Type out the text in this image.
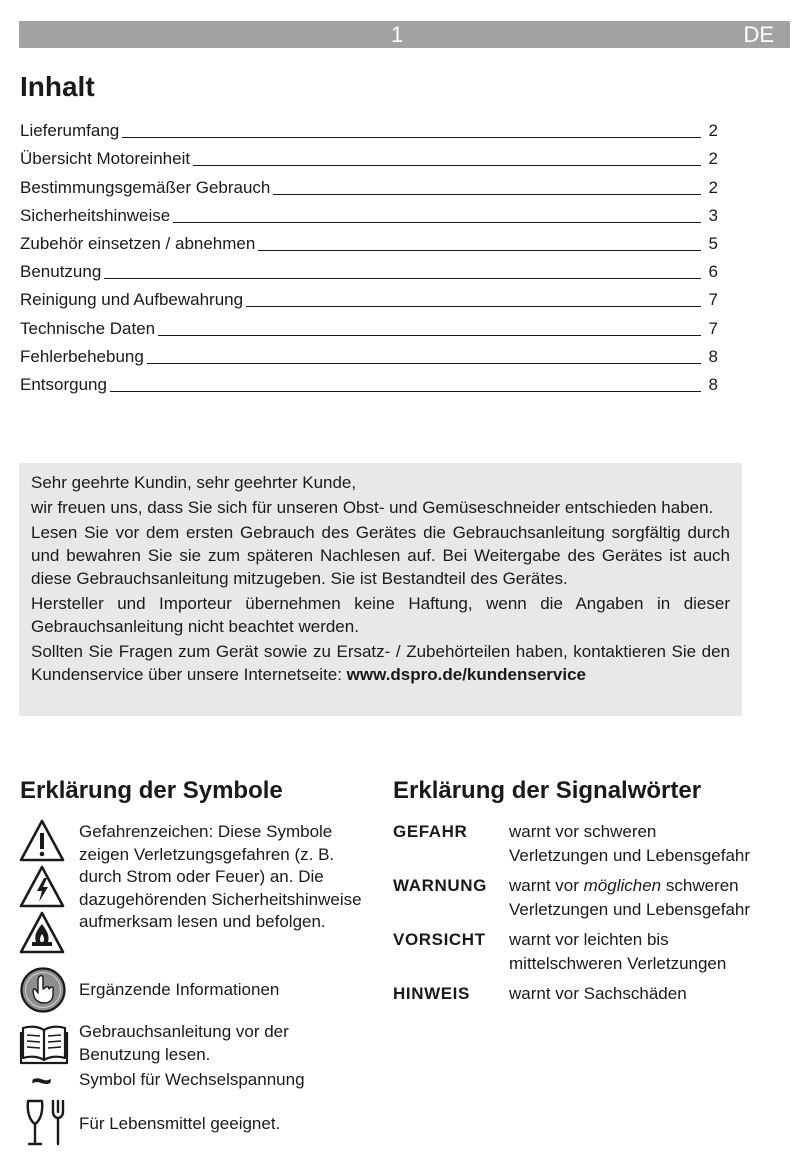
1	DE
Inhalt
Lieferumfang	2
Übersicht Motoreinheit	2
Bestimmungsgemäßer Gebrauch	2
Sicherheitshinweise	3
Zubehör einsetzen / abnehmen	5
Benutzung	6
Reinigung und Aufbewahrung	7
Technische Daten	7
Fehlerbehebung	8
Entsorgung	8

Sehr geehrte Kundin, sehr geehrter Kunde,

wir freuen uns, dass Sie sich für unseren Obst- und Gemüseschneider entschieden haben.

Lesen Sie vor dem ersten Gebrauch des Gerätes die Gebrauchsanleitung sorgfältig durch und bewahren Sie sie zum späteren Nachlesen auf. Bei Weitergabe des Gerätes ist auch diese Gebrauchsanleitung mitzugeben. Sie ist Bestandteil des Gerätes.

Hersteller und Importeur übernehmen keine Haftung, wenn die Angaben in dieser Gebrauchsanleitung nicht beachtet werden.

Sollten Sie Fragen zum Gerät sowie zu Ersatz- / Zubehörteilen haben, kontaktieren Sie den Kundenservice über unsere Internetseite: www.dspro.de/kundenservice

Erklärung der Symbole
Gefahrenzeichen: Diese Symbole zeigen Verletzungsgefahren (z. B. durch Strom oder Feuer) an. Die dazugehörenden Sicherheitshinweise aufmerksam lesen und befolgen.
Ergänzende Informationen
Gebrauchsanleitung vor der Benutzung lesen.
~ Symbol für Wechselspannung
Für Lebensmittel geeignet.
Erklärung der Signalwörter
GEFAHR	warnt vor schweren Verletzungen und Lebensgefahr
WARNUNG	warnt vor möglichen schweren Verletzungen und Lebensgefahr
VORSICHT	warnt vor leichten bis mittelschweren Verletzungen
HINWEIS	warnt vor Sachschäden
